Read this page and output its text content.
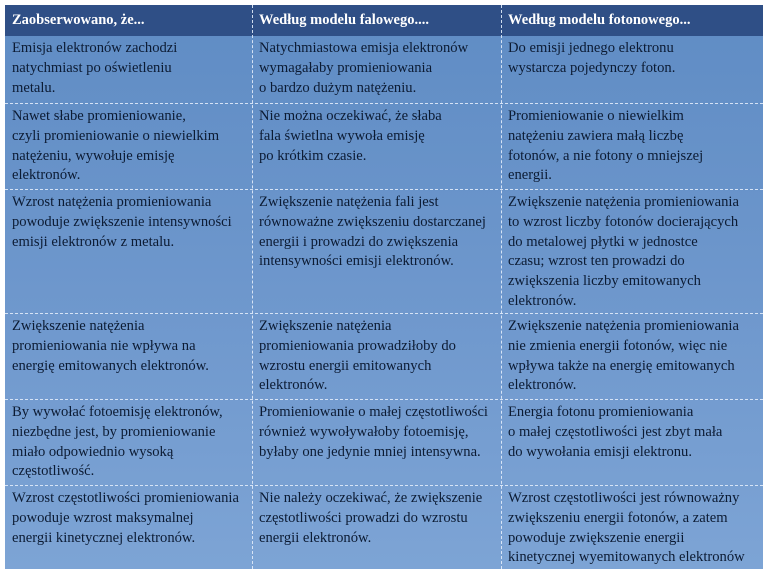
Zaobserwowano, że...	Według modelu falowego....	Według modelu fotonowego...
Emisja elektronów zachodzi
natychmiast po oświetleniu
metalu.
Natychmiastowa emisja elektronów
wymagałaby promieniowania
o bardzo dużym natężeniu.
Do emisji jednego elektronu
wystarcza pojedynczy foton.
Nawet słabe promieniowanie,
czyli promieniowanie o niewielkim
natężeniu, wywołuje emisję
elektronów.
Nie można oczekiwać, że słaba
fala świetlna wywoła emisję
po krótkim czasie.
Promieniowanie o niewielkim
natężeniu zawiera małą liczbę
fotonów, a nie fotony o mniejszej
energii.
Wzrost natężenia promieniowania
powoduje zwiększenie intensywności
emisji elektronów z metalu.
Zwiększenie natężenia fali jest
równoważne zwiększeniu dostarczanej
energii i prowadzi do zwiększenia
intensywności emisji elektronów.
Zwiększenie natężenia promieniowania
to wzrost liczby fotonów docierających
do metalowej płytki w jednostce
czasu; wzrost ten prowadzi do
zwiększenia liczby emitowanych
elektronów.
Zwiększenie natężenia
promieniowania nie wpływa na
energię emitowanych elektronów.
Zwiększenie natężenia
promieniowania prowadziłoby do
wzrostu energii emitowanych
elektronów.
Zwiększenie natężenia promieniowania
nie zmienia energii fotonów, więc nie
wpływa także na energię emitowanych
elektronów.
By wywołać fotoemisję elektronów,
niezbędne jest, by promieniowanie
miało odpowiednio wysoką
częstotliwość.
Promieniowanie o małej częstotliwości
również wywoływałoby fotoemisję,
byłaby one jedynie mniej intensywna.
Energia fotonu promieniowania
o małej częstotliwości jest zbyt mała
do wywołania emisji elektronu.
Wzrost częstotliwości promieniowania
powoduje wzrost maksymalnej
energii kinetycznej elektronów.
Nie należy oczekiwać, że zwiększenie
częstotliwości prowadzi do wzrostu
energii elektronów.
Wzrost częstotliwości jest równoważny
zwiększeniu energii fotonów, a zatem
powoduje zwiększenie energii
kinetycznej wyemitowanych elektronów
